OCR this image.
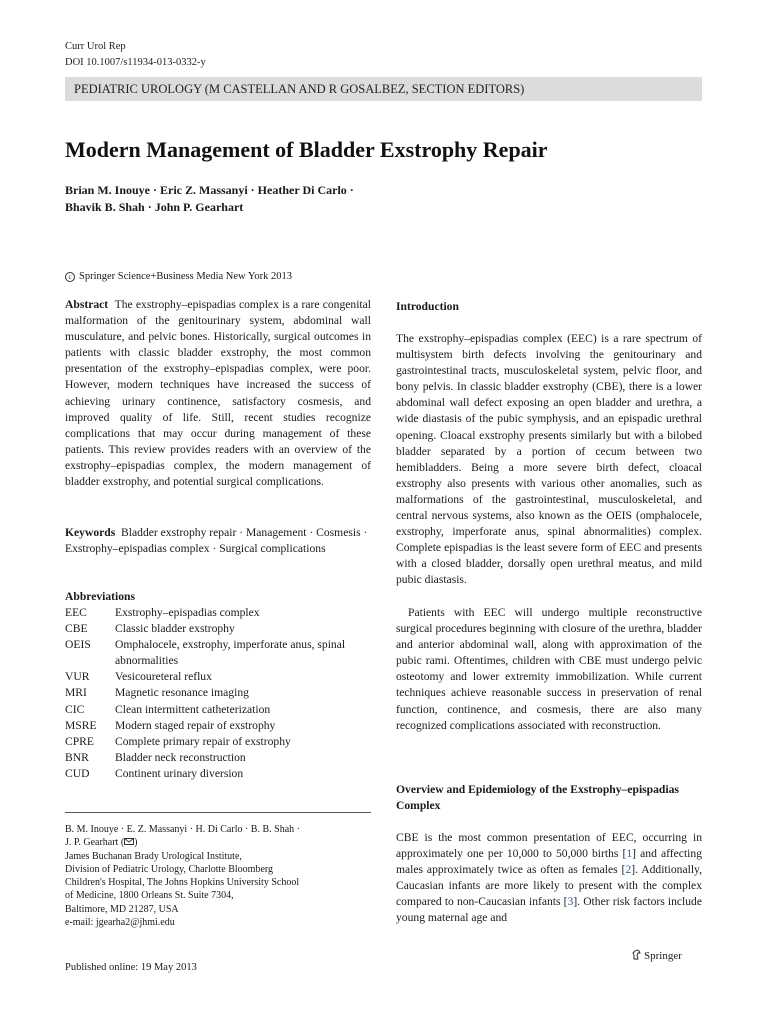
Curr Urol Rep
DOI 10.1007/s11934-013-0332-y
PEDIATRIC UROLOGY (M CASTELLAN AND R GOSALBEZ, SECTION EDITORS)
Modern Management of Bladder Exstrophy Repair
Brian M. Inouye · Eric Z. Massanyi · Heather Di Carlo ·
Bhavik B. Shah · John P. Gearhart
c Springer Science+Business Media New York 2013
Abstract The exstrophy–epispadias complex is a rare congenital malformation of the genitourinary system, abdominal wall musculature, and pelvic bones. Historically, surgical outcomes in patients with classic bladder exstrophy, the most common presentation of the exstrophy–epispadias complex, were poor. However, modern techniques have increased the success of achieving urinary continence, satisfactory cosmesis, and improved quality of life. Still, recent studies recognize complications that may occur during management of these patients. This review provides readers with an overview of the exstrophy–epispadias complex, the modern management of bladder exstrophy, and potential surgical complications.
Keywords Bladder exstrophy repair · Management · Cosmesis · Exstrophy–epispadias complex · Surgical complications
Abbreviations
EEC	Exstrophy–epispadias complex
CBE	Classic bladder exstrophy
OEIS	Omphalocele, exstrophy, imperforate anus, spinal abnormalities
VUR	Vesicoureteral reflux
MRI	Magnetic resonance imaging
CIC	Clean intermittent catheterization
MSRE	Modern staged repair of exstrophy
CPRE	Complete primary repair of exstrophy
BNR	Bladder neck reconstruction
CUD	Continent urinary diversion
B. M. Inouye · E. Z. Massanyi · H. Di Carlo · B. B. Shah ·
J. P. Gearhart ( )
James Buchanan Brady Urological Institute,
Division of Pediatric Urology, Charlotte Bloomberg
Children's Hospital, The Johns Hopkins University School
of Medicine, 1800 Orleans St. Suite 7304,
Baltimore, MD 21287, USA
e-mail: jgearha2@jhmi.edu
Published online: 19 May 2013
Introduction
The exstrophy–epispadias complex (EEC) is a rare spectrum of multisystem birth defects involving the genitourinary and gastrointestinal tracts, musculoskeletal system, pelvic floor, and bony pelvis. In classic bladder exstrophy (CBE), there is a lower abdominal wall defect exposing an open bladder and urethra, a wide diastasis of the pubic symphysis, and an epispadic urethral opening. Cloacal exstrophy presents similarly but with a bilobed bladder separated by a portion of cecum between two hemibladders. Being a more severe birth defect, cloacal exstrophy also presents with various other anomalies, such as malformations of the gastrointestinal, musculoskeletal, and central nervous systems, also known as the OEIS (omphalocele, exstrophy, imperforate anus, spinal abnormalities) complex. Complete epispadias is the least severe form of EEC and presents with a closed bladder, dorsally open urethral meatus, and mild pubic diastasis.
Patients with EEC will undergo multiple reconstructive surgical procedures beginning with closure of the urethra, bladder and anterior abdominal wall, along with approximation of the pubic rami. Oftentimes, children with CBE must undergo pelvic osteotomy and lower extremity immobilization. While current techniques achieve reasonable success in preservation of renal function, continence, and cosmesis, there are also many recognized complications associated with reconstruction.
Overview and Epidemiology of the Exstrophy–epispadias Complex
CBE is the most common presentation of EEC, occurring in approximately one per 10,000 to 50,000 births [1] and affecting males approximately twice as often as females [2]. Additionally, Caucasian infants are more likely to present with the complex compared to non-Caucasian infants [3]. Other risk factors include young maternal age and
Springer
